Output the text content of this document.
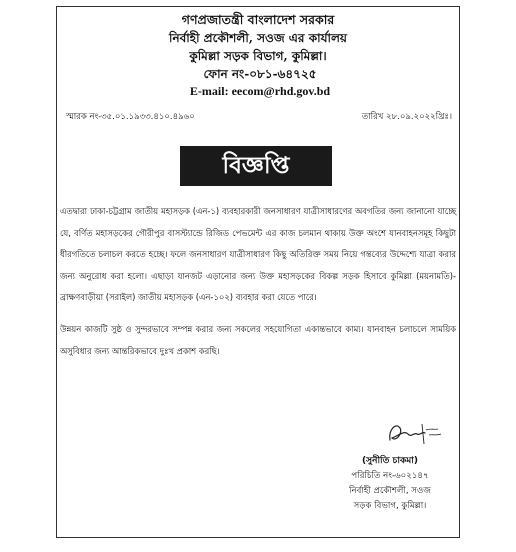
গণপ্রজাতন্ত্রী বাংলাদেশ সরকার
নির্বাহী প্রকৌশলী, সওজ এর কার্যালয়
কুমিল্লা সড়ক বিভাগ, কুমিল্লা।
ফোন নং-০৮১-৬৪৭২৫
E-mail: eecom@rhd.gov.bd
স্মারক নং-৩৫.০১.১৯৩৩.৪১০.৪৯৬০	তারিখ ২৮.০৯.২০২২খ্রিঃ।
বিজ্ঞপ্তি
এতদ্বারা ঢাকা-চট্টগ্রাম জাতীয় মহাসড়ক (এন-১) ব্যবহারকারী জনসাধারণ যাত্রীসাধারণের অবগতির জন্য জানানো যাচ্ছে যে, বর্ণিত মহাসড়কের গৌরীপুর বাসস্ট্যান্ডে রিজিড পেভমেন্ট এর কাজ চলমান থাকায় উক্ত অংশে যানবাহনসমূহ কিছুটা ধীরগতিতে চলাচল করতে হচ্ছে। ফলে জনসাধারণ যাত্রীসাধারণ কিছু অতিরিক্ত সময় নিয়ে গন্তব্যের উদ্দেশ্যে যাত্রা করার জন্য অনুরোধ করা হলো। এছাড়া যানজট এড়ানোর জন্য উক্ত মহাসড়কের বিকল্প সড়ক হিসাবে কুমিল্লা (ময়নামতি)-ব্রাক্ষণবাড়ীয়া (সরাইল) জাতীয় মহাসড়ক (এন-১০২) ব্যবহার করা যেতে পারে।
উন্নয়ন কাজটি সুষ্ঠ ও সুন্দরভাবে সম্পন্ন করার জন্য সকলের সহযোগিতা একান্তভাবে কাম্য। যানবাহন চলাচলে সাময়িক অসুবিধার জন্য আন্তরিকভাবে দুঃখ প্রকাশ করছি।
(সুনীতি চাকমা)
পরিচিতি নং-৬০২১৪৭
নির্বাহী প্রকৌশলী, সওজ
সড়ক বিভাগ, কুমিল্লা।
